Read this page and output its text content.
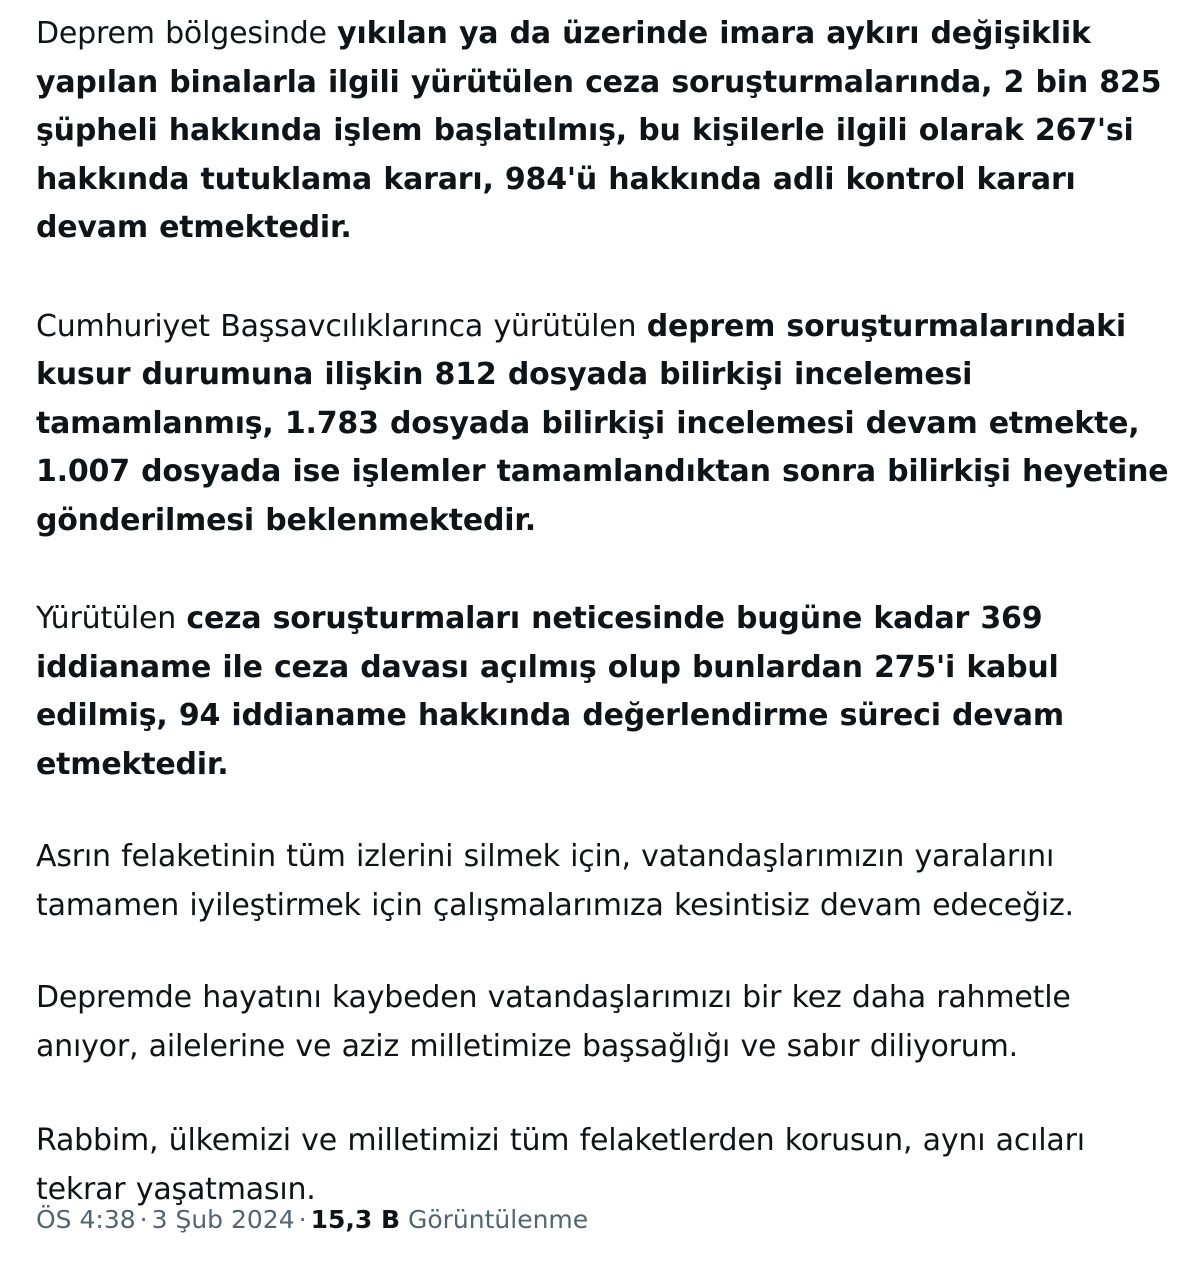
Deprem bölgesinde yıkılan ya da üzerinde imara aykırı değişiklik yapılan binalarla ilgili yürütülen ceza soruşturmalarında, 2 bin 825 şüpheli hakkında işlem başlatılmış, bu kişilerle ilgili olarak 267'si hakkında tutuklama kararı, 984'ü hakkında adli kontrol kararı devam etmektedir.

Cumhuriyet Başsavcılıklarınca yürütülen deprem soruşturmalarındaki kusur durumuna ilişkin 812 dosyada bilirkişi incelemesi tamamlanmış, 1.783 dosyada bilirkişi incelemesi devam etmekte, 1.007 dosyada ise işlemler tamamlandıktan sonra bilirkişi heyetine gönderilmesi beklenmektedir.

Yürütülen ceza soruşturmaları neticesinde bugüne kadar 369 iddianame ile ceza davası açılmış olup bunlardan 275'i kabul edilmiş, 94 iddianame hakkında değerlendirme süreci devam etmektedir.

Asrın felaketinin tüm izlerini silmek için, vatandaşlarımızın yaralarını tamamen iyileştirmek için çalışmalarımıza kesintisiz devam edeceğiz.

Depremde hayatını kaybeden vatandaşlarımızı bir kez daha rahmetle anıyor, ailelerine ve aziz milletimize başsağlığı ve sabır diliyorum.

Rabbim, ülkemizi ve milletimizi tüm felaketlerden korusun, aynı acıları tekrar yaşatmasın.

ÖS 4:38 · 3 Şub 2024 · 15,3 B Görüntülenme
